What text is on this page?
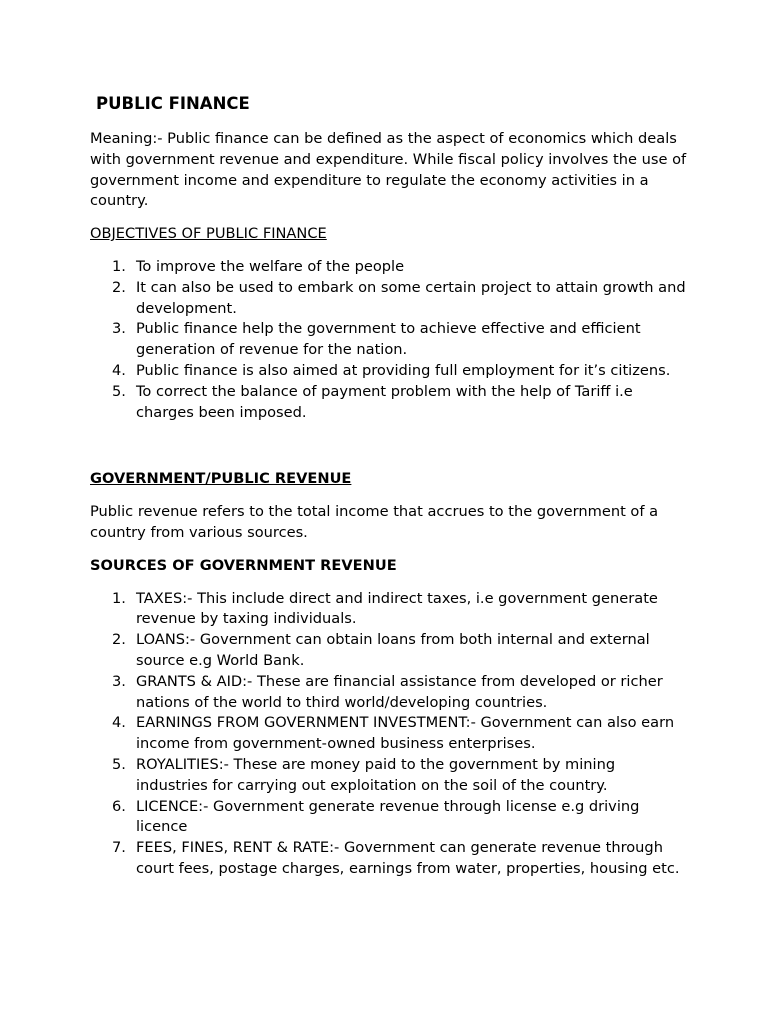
PUBLIC FINANCE

Meaning:- Public finance can be defined as the aspect of economics which deals with government revenue and expenditure. While fiscal policy involves the use of government income and expenditure to regulate the economy activities in a country.

OBJECTIVES OF PUBLIC FINANCE

1. To improve the welfare of the people
2. It can also be used to embark on some certain project to attain growth and development.
3. Public finance help the government to achieve effective and efficient generation of revenue for the nation.
4. Public finance is also aimed at providing full employment for it’s citizens.
5. To correct the balance of payment problem with the help of Tariff i.e charges been imposed.

GOVERNMENT/PUBLIC REVENUE

Public revenue refers to the total income that accrues to the government of a country from various sources.

SOURCES OF GOVERNMENT REVENUE

1. TAXES:- This include direct and indirect taxes, i.e government generate revenue by taxing individuals.
2. LOANS:- Government can obtain loans from both internal and external source e.g World Bank.
3. GRANTS & AID:- These are financial assistance from developed or richer nations of the world to third world/developing countries.
4. EARNINGS FROM GOVERNMENT INVESTMENT:- Government can also earn income from government-owned business enterprises.
5. ROYALITIES:- These are money paid to the government by mining industries for carrying out exploitation on the soil of the country.
6. LICENCE:- Government generate revenue through license e.g driving licence
7. FEES, FINES, RENT & RATE:- Government can generate revenue through court fees, postage charges, earnings from water, properties, housing etc.
